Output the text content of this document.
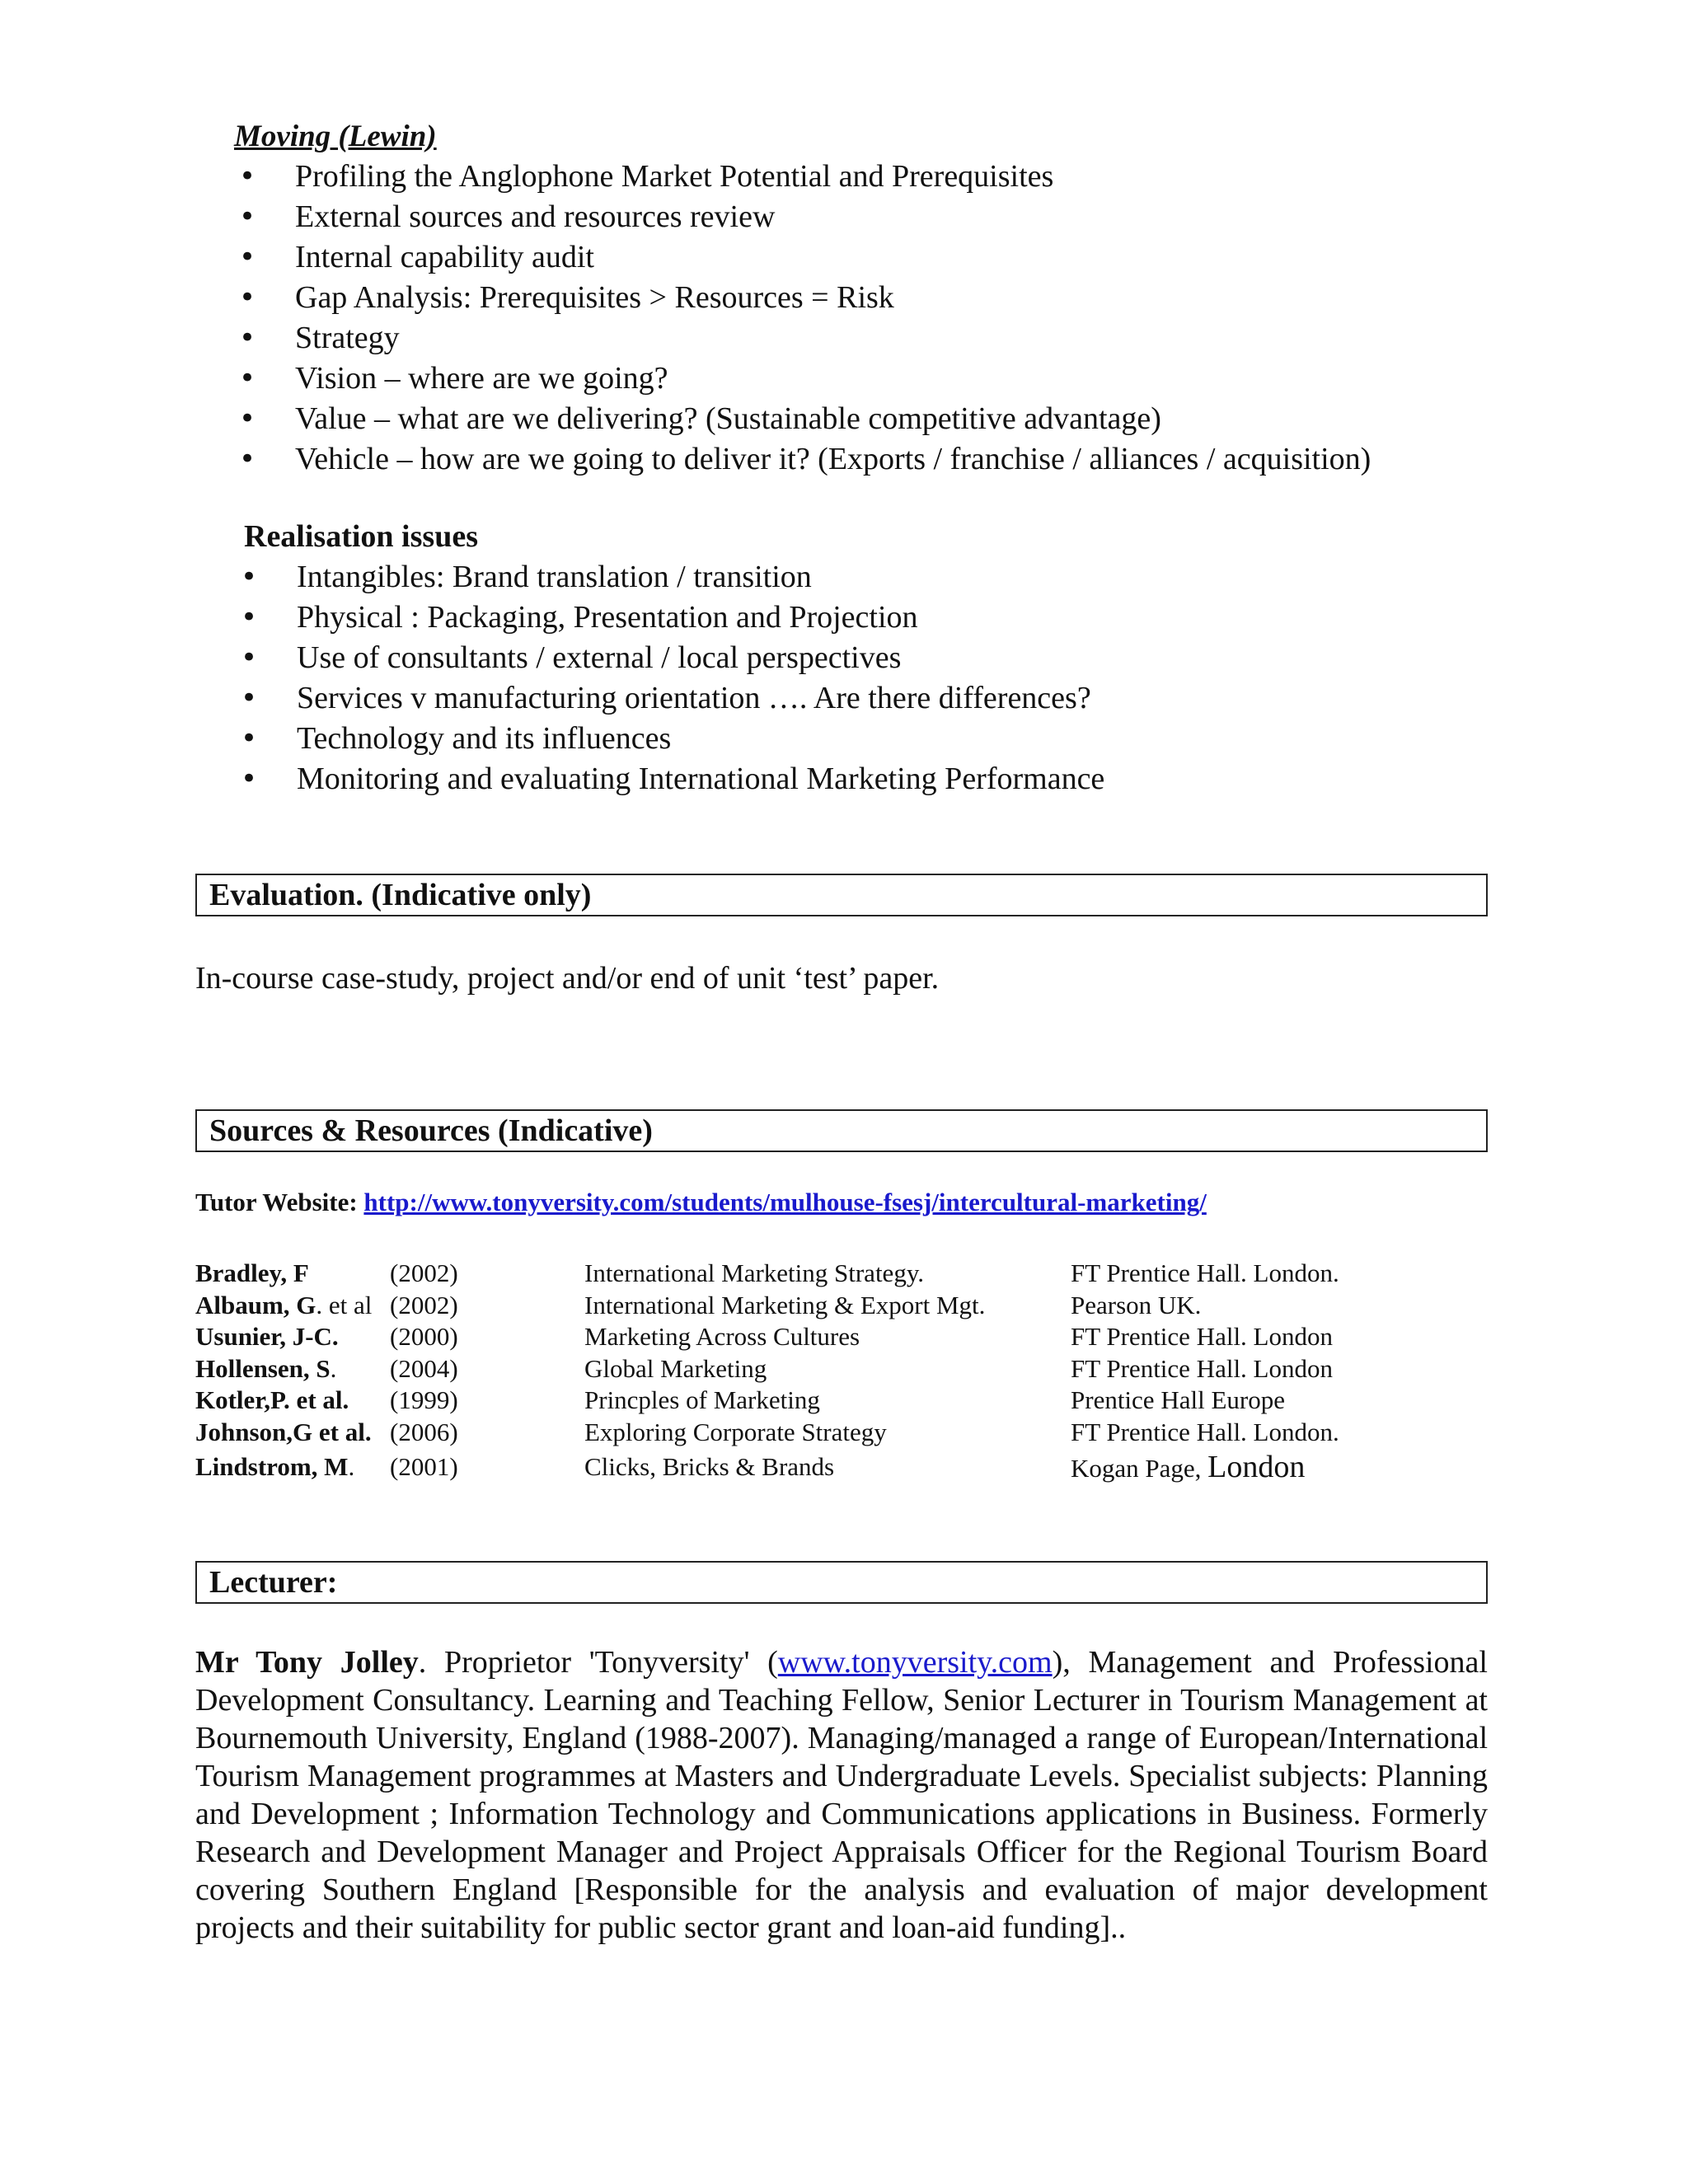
Moving (Lewin)
• Profiling the Anglophone Market Potential and Prerequisites
• External sources and resources review
• Internal capability audit
• Gap Analysis: Prerequisites > Resources = Risk
• Strategy
• Vision – where are we going?
• Value – what are we delivering? (Sustainable competitive advantage)
• Vehicle – how are we going to deliver it? (Exports / franchise / alliances / acquisition)
Realisation issues
• Intangibles: Brand translation / transition
• Physical : Packaging, Presentation and Projection
• Use of consultants / external / local perspectives
• Services v manufacturing orientation …. Are there differences?
• Technology and its influences
• Monitoring and evaluating International Marketing Performance
Evaluation. (Indicative only)
In-course case-study, project and/or end of unit ‘test’ paper.
Sources & Resources (Indicative)
Tutor Website: http://www.tonyversity.com/students/mulhouse-fsesj/intercultural-marketing/
Bradley, F	(2002)	International Marketing Strategy.	FT Prentice Hall. London.
Albaum, G. et al (2002)	International Marketing & Export Mgt.	Pearson UK.
Usunier, J-C. (2000)	Marketing Across Cultures	FT Prentice Hall. London
Hollensen, S. (2004)	Global Marketing	FT Prentice Hall. London
Kotler,P. et al. (1999)	Princples of Marketing	Prentice Hall Europe
Johnson,G et al. (2006)	Exploring Corporate Strategy	FT Prentice Hall. London.
Lindstrom, M. (2001)	Clicks, Bricks & Brands	Kogan Page, London
Lecturer:
Mr Tony Jolley. Proprietor 'Tonyversity' (www.tonyversity.com), Management and Professional Development Consultancy. Learning and Teaching Fellow, Senior Lecturer in Tourism Management at Bournemouth University, England (1988-2007). Managing/managed a range of European/International Tourism Management programmes at Masters and Undergraduate Levels. Specialist subjects: Planning and Development ; Information Technology and Communications applications in Business. Formerly Research and Development Manager and Project Appraisals Officer for the Regional Tourism Board covering Southern England [Responsible for the analysis and evaluation of major development projects and their suitability for public sector grant and loan-aid funding]..
